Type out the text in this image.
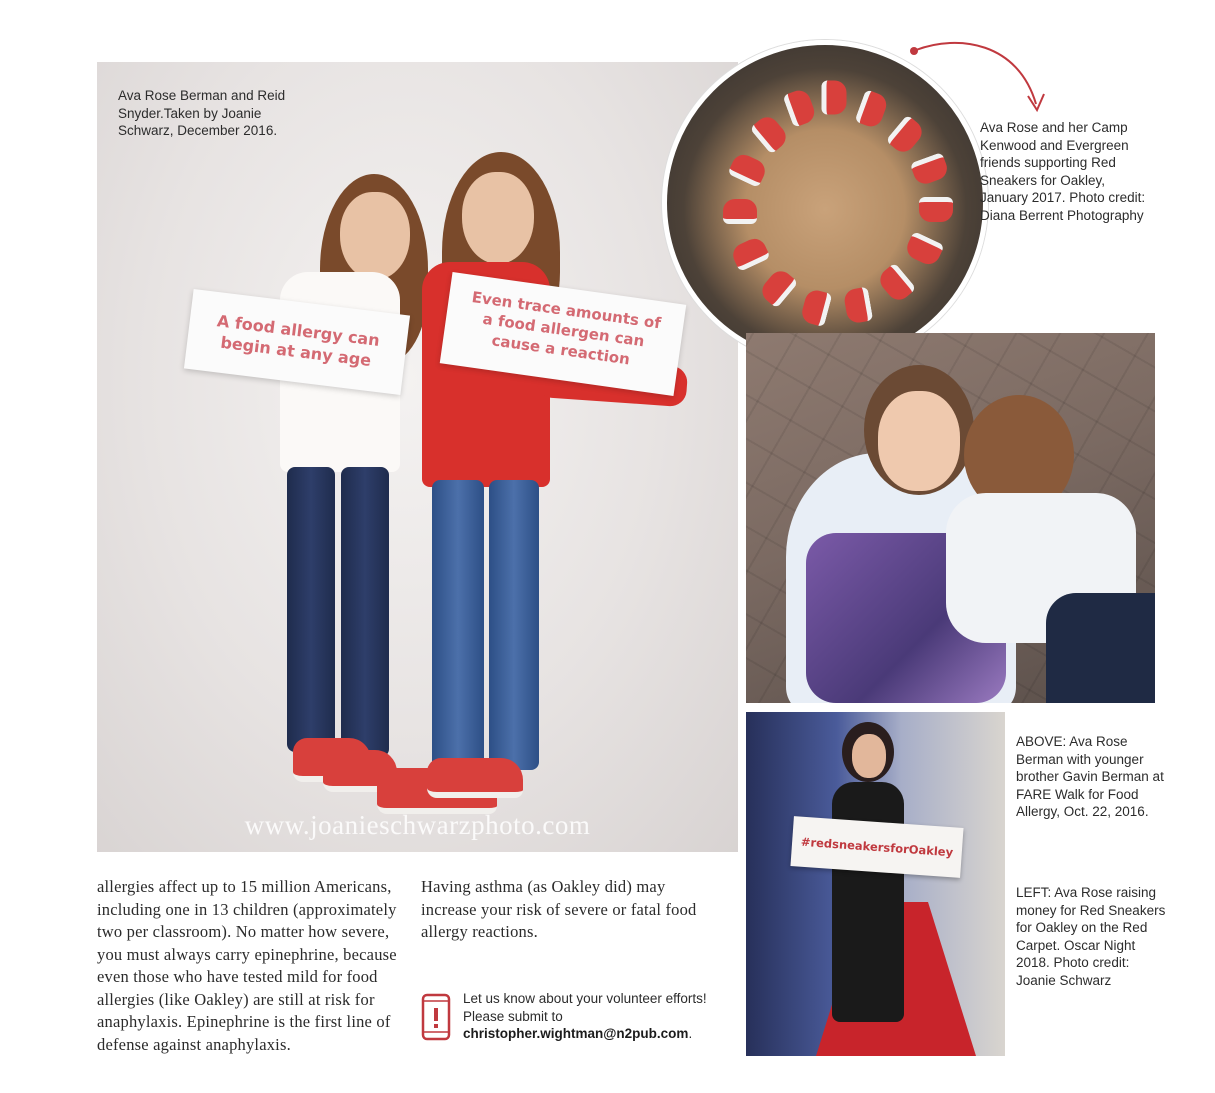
Ava Rose Berman and Reid Snyder.Taken by Joanie Schwarz, December 2016.
A food allergy can begin at any age
Even trace amounts of a food allergen can cause a reaction
www.joanieschwarzphoto.com
Ava Rose and her Camp Kenwood and Evergreen friends supporting Red Sneakers for Oakley, January 2017. Photo credit: Diana Berrent Photography
ABOVE: Ava Rose Berman with younger brother Gavin Berman at FARE Walk for Food Allergy, Oct. 22, 2016.
#redsneakersforOakley
LEFT: Ava Rose raising money for Red Sneakers for Oakley on the Red Carpet. Oscar Night 2018. Photo credit: Joanie Schwarz
allergies affect up to 15 million Americans, including one in 13 children (approximately two per classroom). No matter how severe, you must always carry epinephrine, because even those who have tested mild for food allergies (like Oakley) are still at risk for anaphylaxis. Epinephrine is the first line of defense against anaphylaxis.
Having asthma (as Oakley did) may increase your risk of severe or fatal food allergy reactions.
Let us know about your volunteer efforts! Please submit to christopher.wightman@n2pub.com.
